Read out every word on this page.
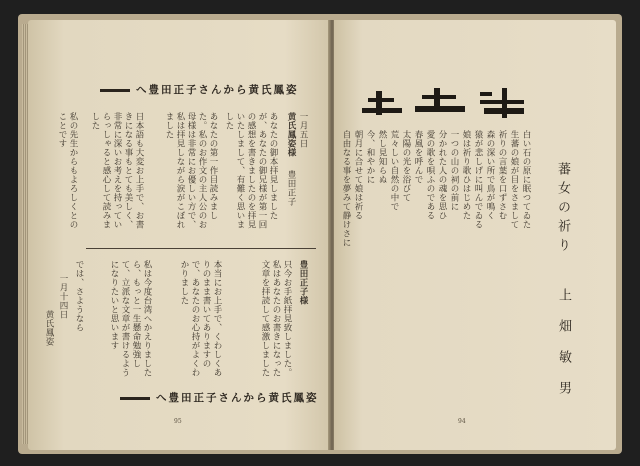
へ豊田正子さんから黄氏鳳姿
一月五日
黄氏鳳姿様
豊田正子
あなたの御本拝見しましたが、あなたの御兄様が第一回の感想を書きましたのを拝見いたしまして、有難く思いました
あなたの第一作目読みました。私のお作文の主人公のお母様は非常にお優しい方で、私は拝見しながら涙がこぼれました
日本語も大変お上手で、お書きになる事もとても美しく、非常に深いお考えを持っていらっしゃると感心して読みました
私の先生からもよろしくとのことです
豊田正子様
只今お手紙拝見致しました。私はあなたのお書きになった文章を拝読して感激しました
本当にお上手で、くわしくありのまま書いてありますので、あなたのお心持がよくわかりました
私は今度台湾へかえりましたら、もっと一生懸命勉強して、立派な文章が書けるようになりたいと思います
では、さようなら
一月十四日
黄氏鳳姿
へ豊田正子さんから黄氏鳳姿
95
白い石の原に眠つてゐた
生蕃の娘が目をさまして
祈りの言葉を口ずさむ
森の深い所で鳥が鳴く
猿が悲しげに叫んでゐる
娘は祈り歌ひはじめた
一つの山の祠の前に
分かれた人の魂を思ひ
愛の歌を唄ふのである
春風を呼んで
太陽の光を浴びて
荒々しい自然の中で
然し見知らぬ
今、和やかに
朝月に合せて娘は祈る
自由なる事を夢みて静けさに	蕃女の祈り
上畑敏男
94
